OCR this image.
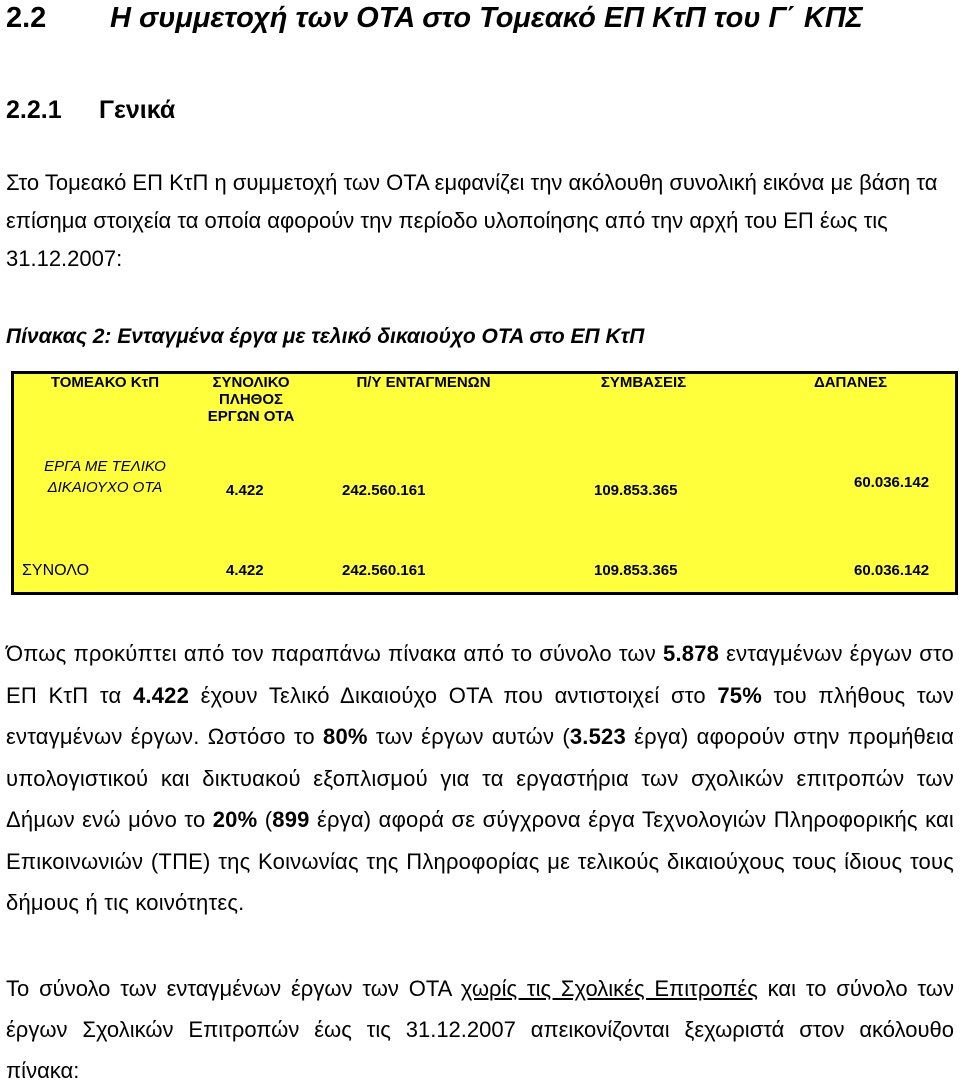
2.2 Η συμμετοχή των ΟΤΑ στο Τομεακό ΕΠ ΚτΠ του Γ΄ ΚΠΣ
2.2.1 Γενικά

Στο Τομεακό ΕΠ ΚτΠ η συμμετοχή των ΟΤΑ εμφανίζει την ακόλουθη συνολική εικόνα με βάση τα επίσημα στοιχεία τα οποία αφορούν την περίοδο υλοποίησης από την αρχή του ΕΠ έως τις 31.12.2007:

Πίνακας 2: Ενταγμένα έργα με τελικό δικαιούχο ΟΤΑ στο ΕΠ ΚτΠ

ΤΟΜΕΑΚΟ ΚτΠ	ΣΥΝΟΛΙΚΟ ΠΛΗΘΟΣ ΕΡΓΩΝ ΟΤΑ	Π/Υ ΕΝΤΑΓΜΕΝΩΝ	ΣΥΜΒΑΣΕΙΣ	ΔΑΠΑΝΕΣ
ΕΡΓΑ ΜΕ ΤΕΛΙΚΟ ΔΙΚΑΙΟΥΧΟ ΟΤΑ	4.422	242.560.161	109.853.365	60.036.142
ΣΥΝΟΛΟ	4.422	242.560.161	109.853.365	60.036.142

Όπως προκύπτει από τον παραπάνω πίνακα από το σύνολο των 5.878 ενταγμένων έργων στο ΕΠ ΚτΠ τα 4.422 έχουν Τελικό Δικαιούχο ΟΤΑ που αντιστοιχεί στο 75% του πλήθους των ενταγμένων έργων. Ωστόσο το 80% των έργων αυτών (3.523 έργα) αφορούν στην προμήθεια υπολογιστικού και δικτυακού εξοπλισμού για τα εργαστήρια των σχολικών επιτροπών των Δήμων ενώ μόνο το 20% (899 έργα) αφορά σε σύγχρονα έργα Τεχνολογιών Πληροφορικής και Επικοινωνιών (ΤΠΕ) της Κοινωνίας της Πληροφορίας με τελικούς δικαιούχους τους ίδιους τους δήμους ή τις κοινότητες.

Το σύνολο των ενταγμένων έργων των ΟΤΑ χωρίς τις Σχολικές Επιτροπές και το σύνολο των έργων Σχολικών Επιτροπών έως τις 31.12.2007 απεικονίζονται ξεχωριστά στον ακόλουθο πίνακα:
